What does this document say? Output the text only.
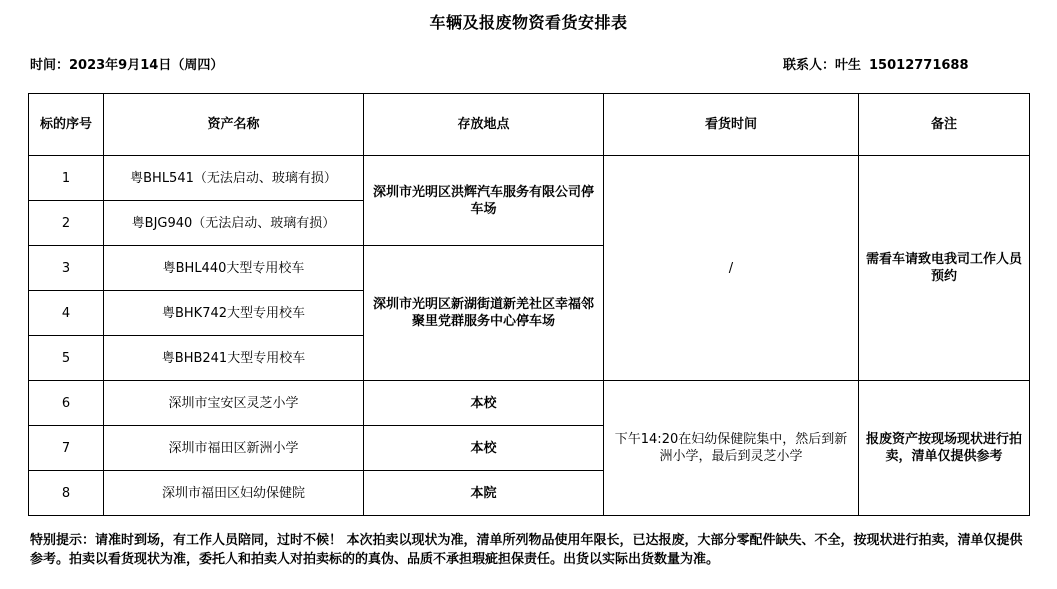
车辆及报废物资看货安排表
时间：2023年9月14日（周四）	联系人：叶生 15012771688
标的序号	资产名称	存放地点	看货时间	备注
1	粤BHL541（无法启动、玻璃有损）	深圳市光明区洪辉汽车服务有限公司停车场	/	需看车请致电我司工作人员预约
2	粤BJG940（无法启动、玻璃有损）			
3	粤BHL440大型专用校车	深圳市光明区新湖街道新羌社区幸福邻聚里党群服务中心停车场		
4	粤BHK742大型专用校车			
5	粤BHB241大型专用校车			
6	深圳市宝安区灵芝小学	本校	下午14:20在妇幼保健院集中，然后到新洲小学，最后到灵芝小学	报废资产按现场现状进行拍卖，清单仅提供参考
7	深圳市福田区新洲小学	本校		
8	深圳市福田区妇幼保健院	本院		
特别提示：请准时到场，有工作人员陪同，过时不候！ 本次拍卖以现状为准，清单所列物品使用年限长，已达报废，大部分零配件缺失、不全，按现状进行拍卖，清单仅提供参考。拍卖以看货现状为准，委托人和拍卖人对拍卖标的的真伪、品质不承担瑕疵担保责任。出货以实际出货数量为准。
